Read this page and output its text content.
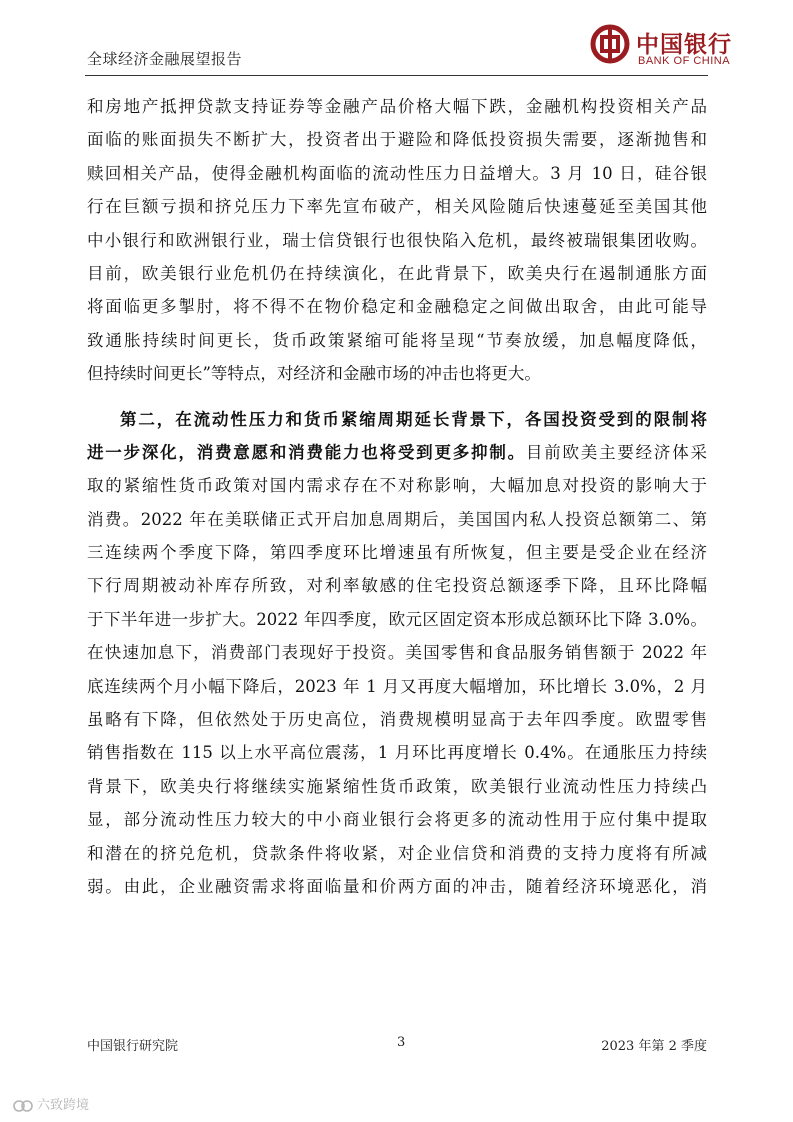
全球经济金融展望报告
中国银行
BANK OF CHINA
和房地产抵押贷款支持证券等金融产品价格大幅下跌，金融机构投资相关产品
面临的账面损失不断扩大，投资者出于避险和降低投资损失需要，逐渐抛售和
赎回相关产品，使得金融机构面临的流动性压力日益增大。3 月 10 日，硅谷银
行在巨额亏损和挤兑压力下率先宣布破产，相关风险随后快速蔓延至美国其他
中小银行和欧洲银行业，瑞士信贷银行也很快陷入危机，最终被瑞银集团收购。
目前，欧美银行业危机仍在持续演化，在此背景下，欧美央行在遏制通胀方面
将面临更多掣肘，将不得不在物价稳定和金融稳定之间做出取舍，由此可能导
致通胀持续时间更长，货币政策紧缩可能将呈现“节奏放缓，加息幅度降低，
但持续时间更长”等特点，对经济和金融市场的冲击也将更大。
第二，在流动性压力和货币紧缩周期延长背景下，各国投资受到的限制将
进一步深化，消费意愿和消费能力也将受到更多抑制。目前欧美主要经济体采
取的紧缩性货币政策对国内需求存在不对称影响，大幅加息对投资的影响大于
消费。2022 年在美联储正式开启加息周期后，美国国内私人投资总额第二、第
三连续两个季度下降，第四季度环比增速虽有所恢复，但主要是受企业在经济
下行周期被动补库存所致，对利率敏感的住宅投资总额逐季下降，且环比降幅
于下半年进一步扩大。2022 年四季度，欧元区固定资本形成总额环比下降 3.0%。
在快速加息下，消费部门表现好于投资。美国零售和食品服务销售额于 2022 年
底连续两个月小幅下降后，2023 年 1 月又再度大幅增加，环比增长 3.0%，2 月
虽略有下降，但依然处于历史高位，消费规模明显高于去年四季度。欧盟零售
销售指数在 115 以上水平高位震荡，1 月环比再度增长 0.4%。在通胀压力持续
背景下，欧美央行将继续实施紧缩性货币政策，欧美银行业流动性压力持续凸
显，部分流动性压力较大的中小商业银行会将更多的流动性用于应付集中提取
和潜在的挤兑危机，贷款条件将收紧，对企业信贷和消费的支持力度将有所减
弱。由此，企业融资需求将面临量和价两方面的冲击，随着经济环境恶化，消
中国银行研究院	3	2023 年第 2 季度
六致跨境
